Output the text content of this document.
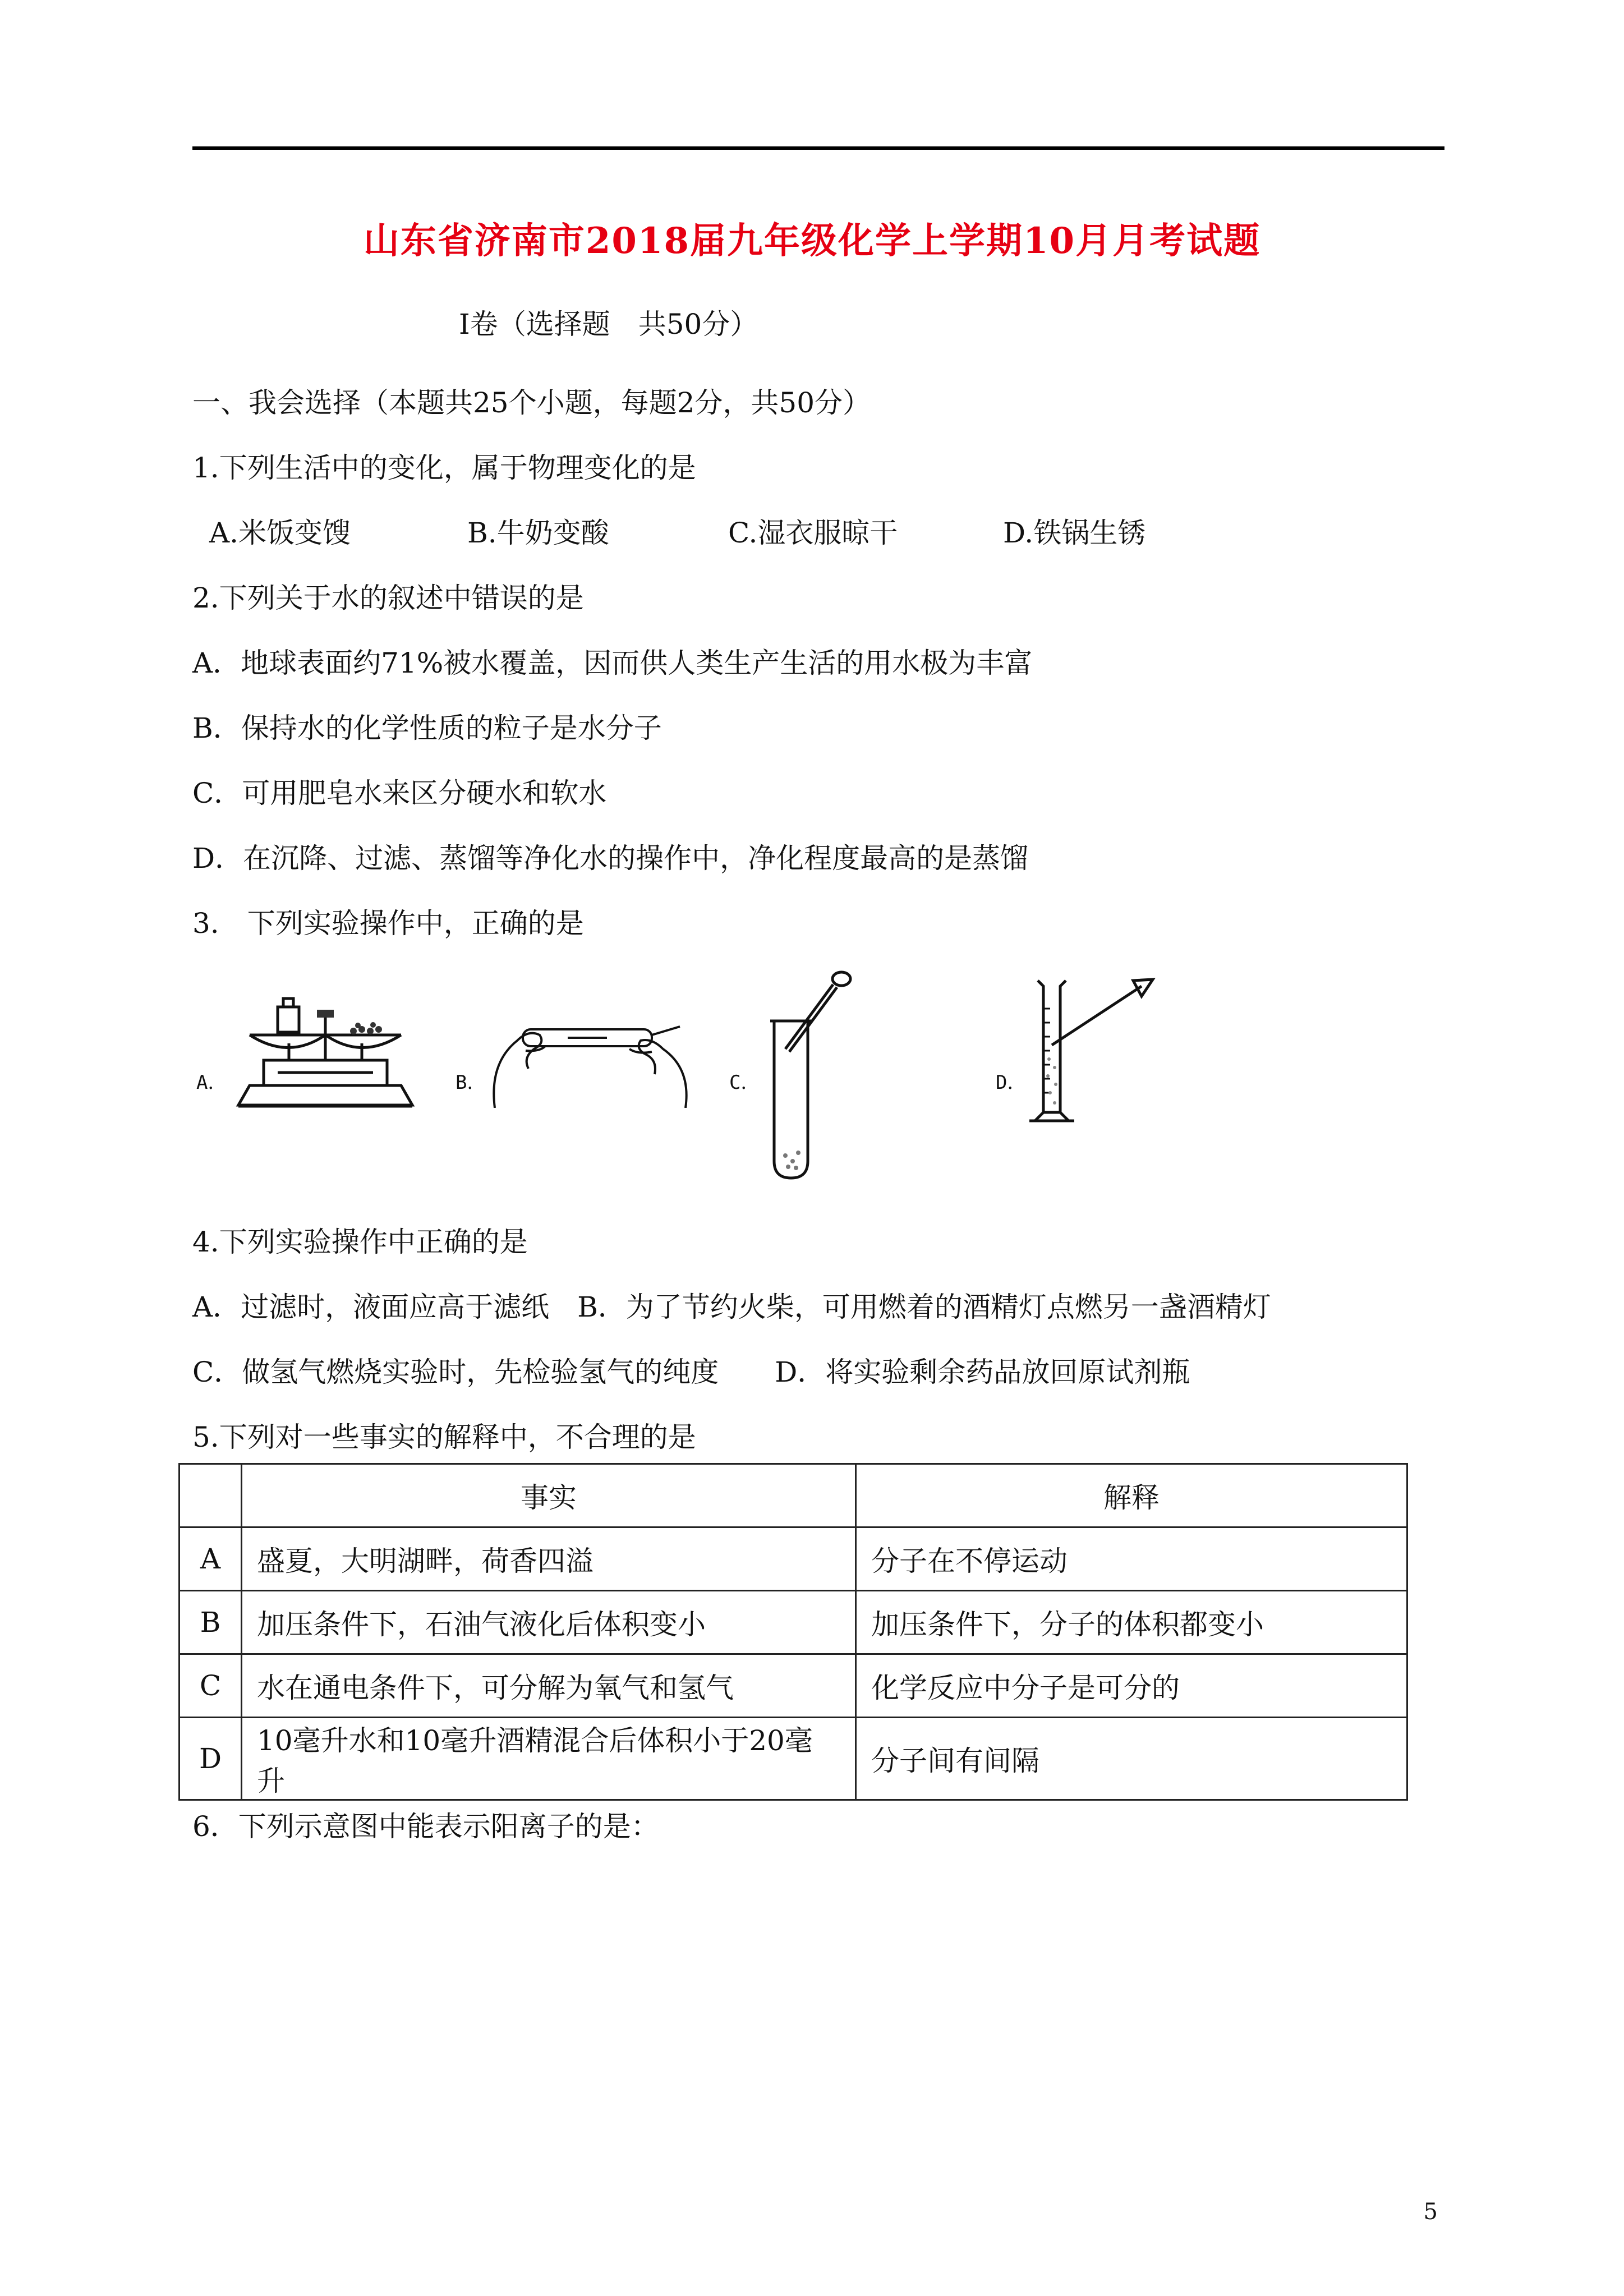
山东省济南市2018届九年级化学上学期10月月考试题
Ⅰ卷（选择题　共50分）
一、我会选择（本题共25个小题，每题2分，共50分）
1.下列生活中的变化，属于物理变化的是
A.米饭变馊	B.牛奶变酸	C.湿衣服晾干	D.铁锅生锈
2.下列关于水的叙述中错误的是
A．地球表面约71%被水覆盖，因而供人类生产生活的用水极为丰富
B．保持水的化学性质的粒子是水分子
C．可用肥皂水来区分硬水和软水
D．在沉降、过滤、蒸馏等净化水的操作中，净化程度最高的是蒸馏
3.　下列实验操作中，正确的是
A．	B．	C．	D．
4.下列实验操作中正确的是
A．过滤时，液面应高于滤纸　B．为了节约火柴，可用燃着的酒精灯点燃另一盏酒精灯
C．做氢气燃烧实验时，先检验氢气的纯度　　D．将实验剩余药品放回原试剂瓶
5.下列对一些事实的解释中，不合理的是
	事实	解释
A	盛夏，大明湖畔，荷香四溢	分子在不停运动
B	加压条件下，石油气液化后体积变小	加压条件下，分子的体积都变小
C	水在通电条件下，可分解为氧气和氢气	化学反应中分子是可分的
D	10毫升水和10毫升酒精混合后体积小于20毫升	分子间有间隔
6．下列示意图中能表示阳离子的是：
5
